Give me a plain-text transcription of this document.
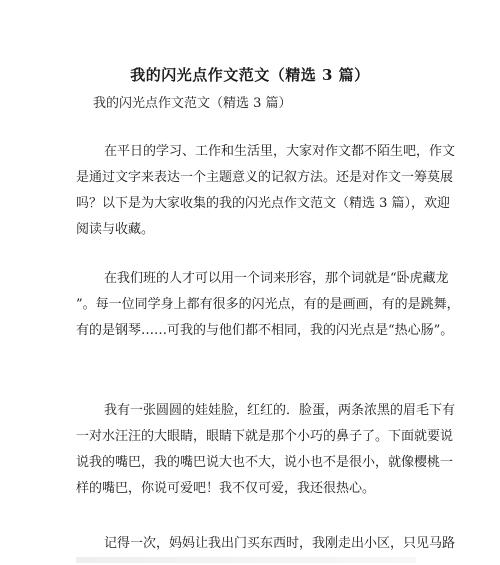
我的闪光点作文范文（精选 3 篇）
我的闪光点作文范文（精选 3 篇）
在平日的学习、工作和生活里，大家对作文都不陌生吧，作文
是通过文字来表达一个主题意义的记叙方法。还是对作文一筹莫展
吗？以下是为大家收集的我的闪光点作文范文（精选 3 篇），欢迎
阅读与收藏。
在我们班的人才可以用一个词来形容，那个词就是“卧虎藏龙
”。每一位同学身上都有很多的闪光点，有的是画画，有的是跳舞，
有的是钢琴……可我的与他们都不相同，我的闪光点是“热心肠”。
我有一张圆圆的娃娃脸，红红的．脸蛋，两条浓黑的眉毛下有
一对水汪汪的大眼睛，眼睛下就是那个小巧的鼻子了。下面就要说
说我的嘴巴，我的嘴巴说大也不大，说小也不是很小，就像樱桃一
样的嘴巴，你说可爱吧！我不仅可爱，我还很热心。
记得一次，妈妈让我出门买东西时，我刚走出小区，只见马路
